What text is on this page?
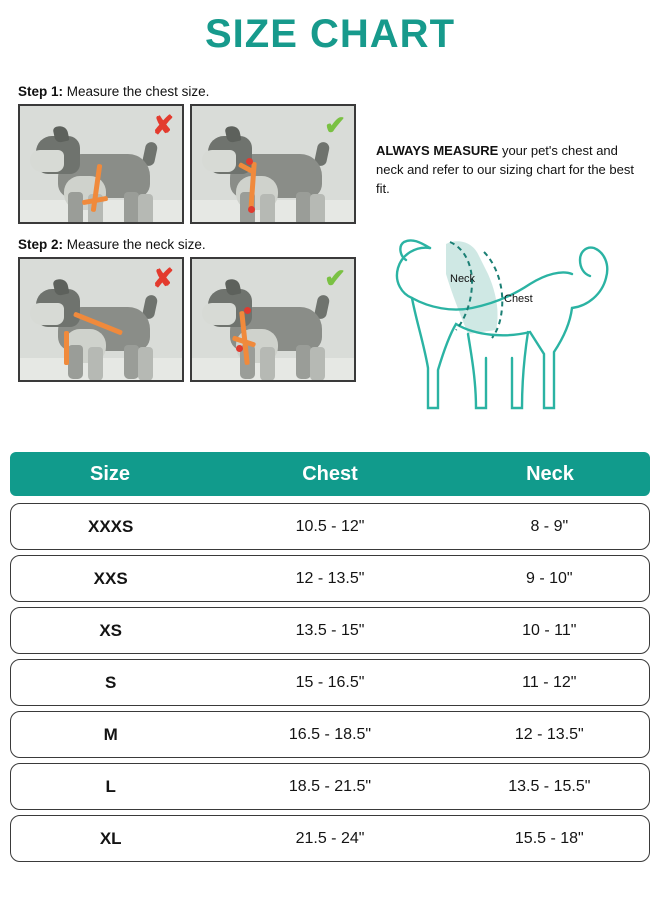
SIZE CHART
Step 1: Measure the chest size.
✘	✔
Step 2: Measure the neck size.
✘	✔
ALWAYS MEASURE your pet's chest and neck and refer to our sizing chart for the best fit.
Neck
Chest
Size	Chest	Neck
XXXS	10.5 - 12"	8 - 9"
XXS	12 - 13.5"	9 - 10"
XS	13.5 - 15"	10 - 11"
S	15 - 16.5"	11 - 12"
M	16.5 - 18.5"	12 - 13.5"
L	18.5 - 21.5"	13.5 - 15.5"
XL	21.5 - 24"	15.5 - 18"
